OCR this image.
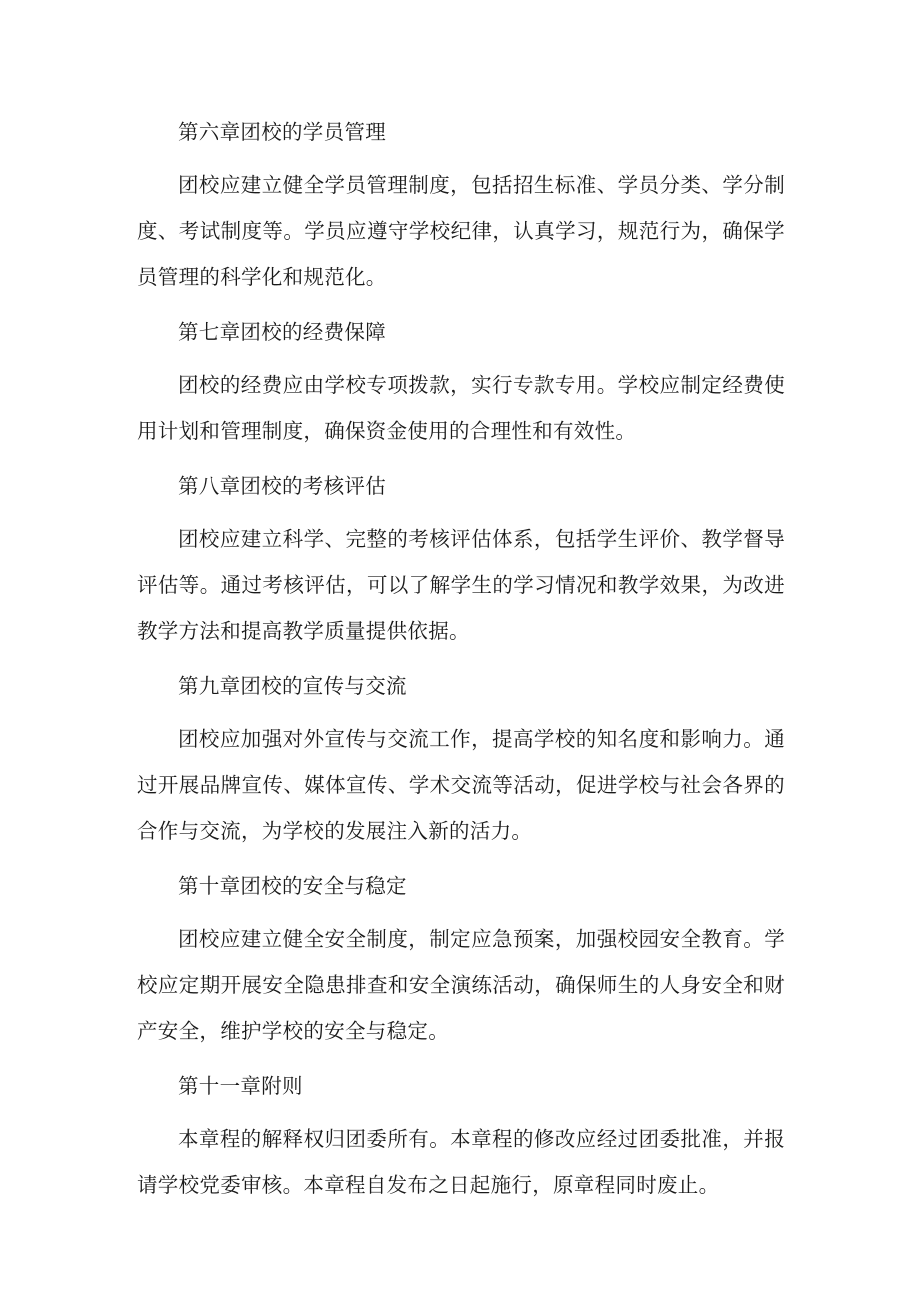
第六章团校的学员管理

团校应建立健全学员管理制度，包括招生标准、学员分类、学分制度、考试制度等。学员应遵守学校纪律，认真学习，规范行为，确保学员管理的科学化和规范化。

第七章团校的经费保障

团校的经费应由学校专项拨款，实行专款专用。学校应制定经费使用计划和管理制度，确保资金使用的合理性和有效性。

第八章团校的考核评估

团校应建立科学、完整的考核评估体系，包括学生评价、教学督导评估等。通过考核评估，可以了解学生的学习情况和教学效果，为改进教学方法和提高教学质量提供依据。

第九章团校的宣传与交流

团校应加强对外宣传与交流工作，提高学校的知名度和影响力。通过开展品牌宣传、媒体宣传、学术交流等活动，促进学校与社会各界的合作与交流，为学校的发展注入新的活力。

第十章团校的安全与稳定

团校应建立健全安全制度，制定应急预案，加强校园安全教育。学校应定期开展安全隐患排查和安全演练活动，确保师生的人身安全和财产安全，维护学校的安全与稳定。

第十一章附则

本章程的解释权归团委所有。本章程的修改应经过团委批准，并报请学校党委审核。本章程自发布之日起施行，原章程同时废止。
